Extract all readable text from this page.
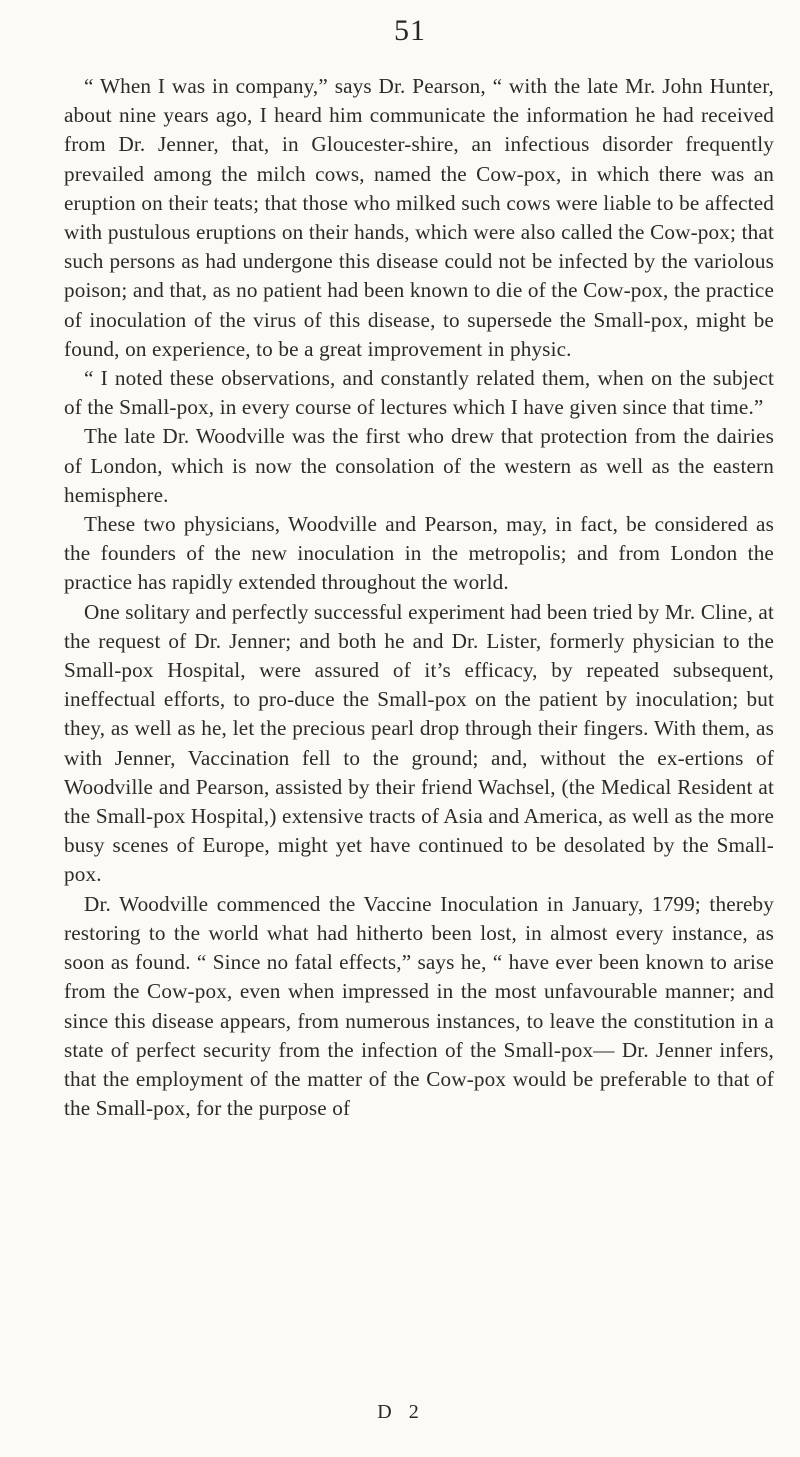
51

“ When I was in company,” says Dr. Pearson, “ with the late Mr. John Hunter, about nine years ago, I heard him communicate the information he had received from Dr. Jenner, that, in Gloucester-shire, an infectious disorder frequently prevailed among the milch cows, named the Cow-pox, in which there was an eruption on their teats; that those who milked such cows were liable to be affected with pustulous eruptions on their hands, which were also called the Cow-pox; that such persons as had undergone this disease could not be infected by the variolous poison; and that, as no patient had been known to die of the Cow-pox, the practice of inoculation of the virus of this disease, to supersede the Small-pox, might be found, on experience, to be a great improvement in physic.

“ I noted these observations, and constantly related them, when on the subject of the Small-pox, in every course of lectures which I have given since that time.”

The late Dr. Woodville was the first who drew that protection from the dairies of London, which is now the consolation of the western as well as the eastern hemisphere.

These two physicians, Woodville and Pearson, may, in fact, be considered as the founders of the new inoculation in the metropolis; and from London the practice has rapidly extended throughout the world.

One solitary and perfectly successful experiment had been tried by Mr. Cline, at the request of Dr. Jenner; and both he and Dr. Lister, formerly physician to the Small-pox Hospital, were assured of it’s efficacy, by repeated subsequent, ineffectual efforts, to pro-duce the Small-pox on the patient by inoculation; but they, as well as he, let the precious pearl drop through their fingers. With them, as with Jenner, Vaccination fell to the ground; and, without the ex-ertions of Woodville and Pearson, assisted by their friend Wachsel, (the Medical Resident at the Small-pox Hospital,) extensive tracts of Asia and America, as well as the more busy scenes of Europe, might yet have continued to be desolated by the Small-pox.

Dr. Woodville commenced the Vaccine Inoculation in January, 1799; thereby restoring to the world what had hitherto been lost, in almost every instance, as soon as found. “ Since no fatal effects,” says he, “ have ever been known to arise from the Cow-pox, even when impressed in the most unfavourable manner; and since this disease appears, from numerous instances, to leave the constitution in a state of perfect security from the infection of the Small-pox— Dr. Jenner infers, that the employment of the matter of the Cow-pox would be preferable to that of the Small-pox, for the purpose of

D 2
